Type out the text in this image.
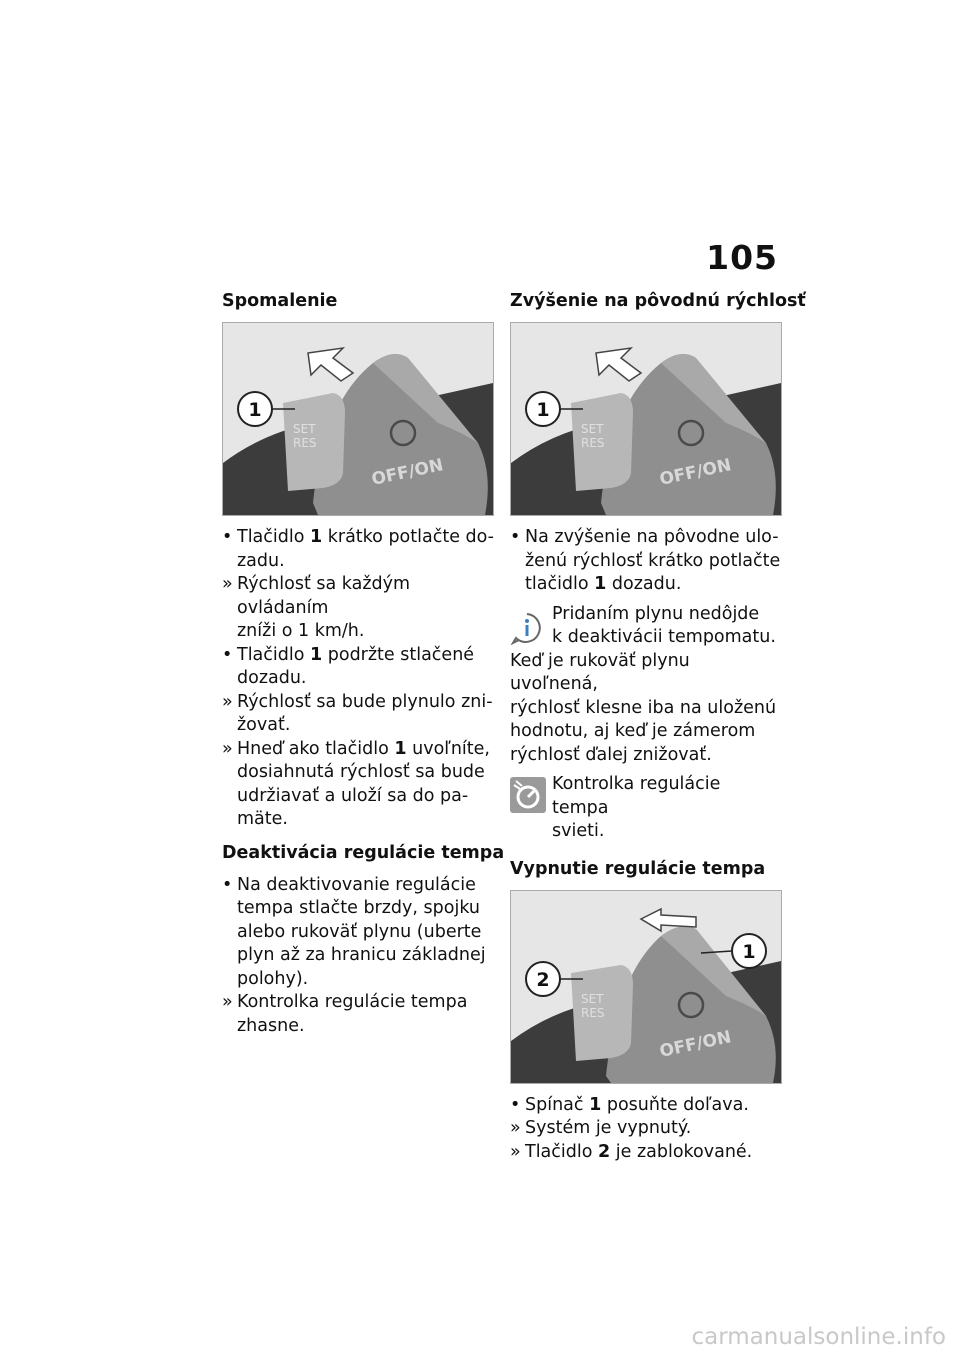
105
Spomalenie
1
SET
RES
OFF/ON
• Tlačidlo 1 krátko potlačte do-
zadu.
» Rýchlosť sa každým ovládaním
zníži o 1 km/h.
• Tlačidlo 1 podržte stlačené
dozadu.
» Rýchlosť sa bude plynulo zni-
žovať.
» Hneď ako tlačidlo 1 uvoľníte,
dosiahnutá rýchlosť sa bude
udržiavať a uloží sa do pa-
mäte.
Deaktivácia regulácie tempa
• Na deaktivovanie regulácie
tempa stlačte brzdy, spojku
alebo rukoväť plynu (uberte
plyn až za hranicu základnej
polohy).
» Kontrolka regulácie tempa
zhasne.
Zvýšenie na pôvodnú rýchlosť
1
SET
RES
OFF/ON
• Na zvýšenie na pôvodne ulo-
ženú rýchlosť krátko potlačte
tlačidlo 1 dozadu.
Pridaním plynu nedôjde
k deaktivácii tempomatu.
Keď je rukoväť plynu uvoľnená,
rýchlosť klesne iba na uloženú
hodnotu, aj keď je zámerom
rýchlosť ďalej znižovať.
Kontrolka regulácie tempa
svieti.
Vypnutie regulácie tempa
1
2
SET
RES
OFF/ON
• Spínač 1 posuňte doľava.
» Systém je vypnutý.
» Tlačidlo 2 je zablokované.
carmanualsonline.info
